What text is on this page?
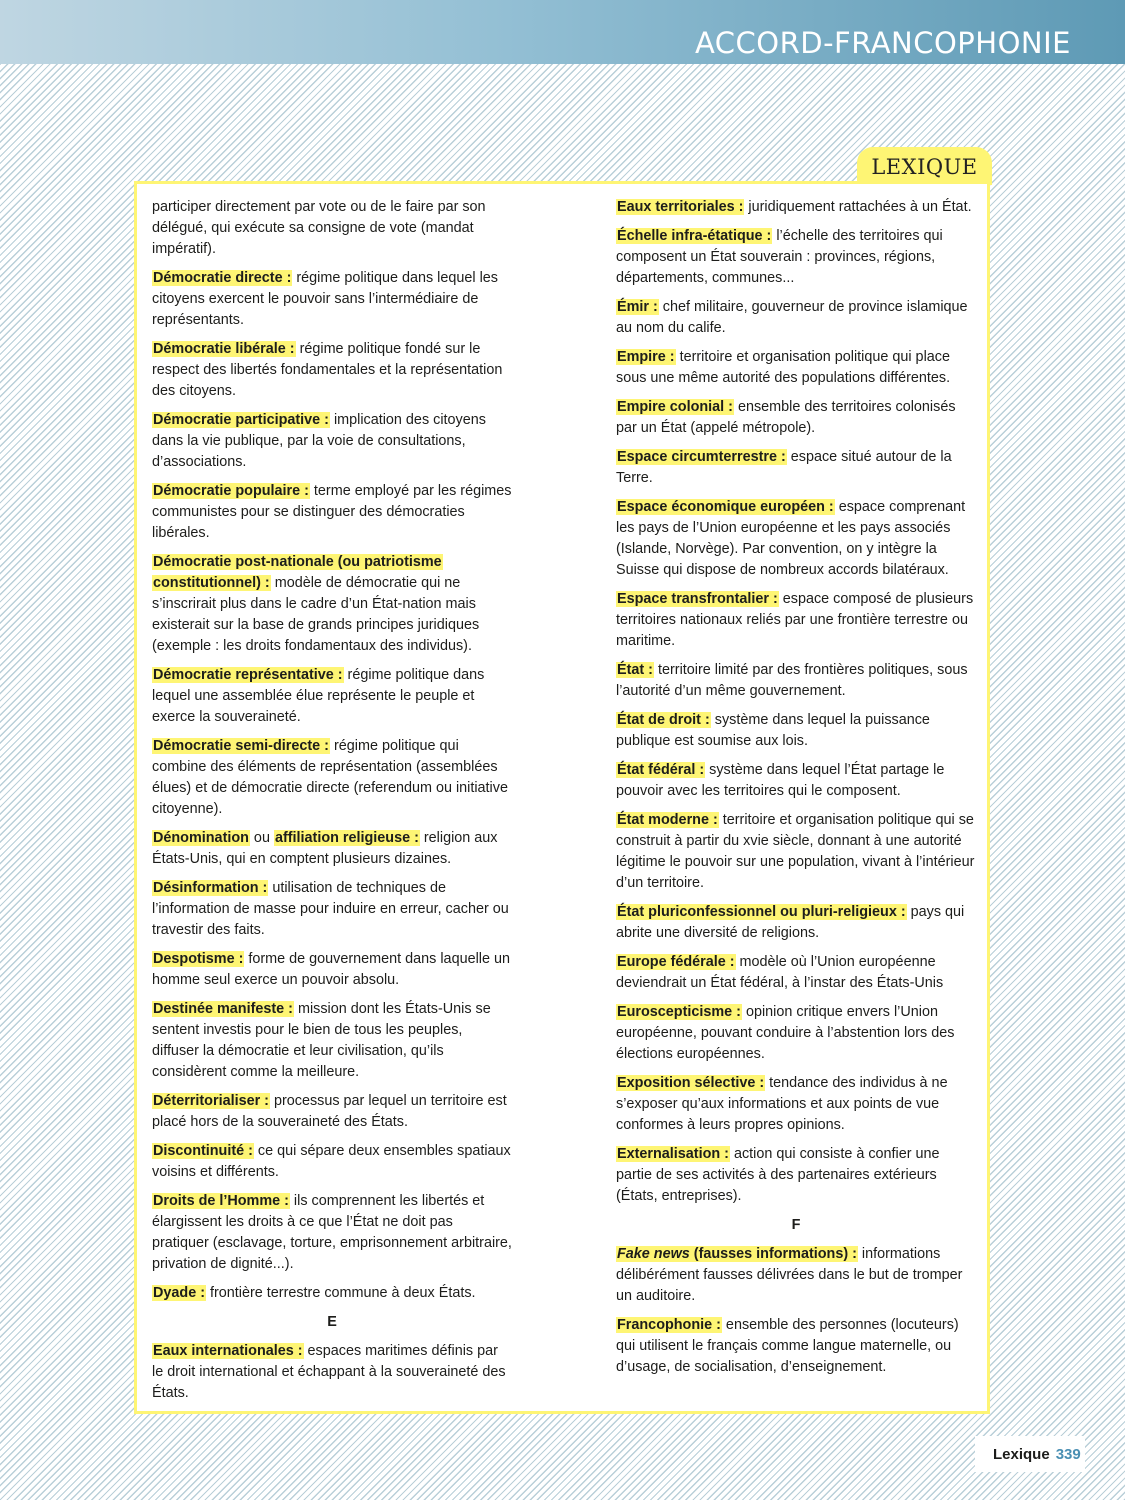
ACCORD-FRANCOPHONIE
LEXIQUE

participer directement par vote ou de le faire par son délégué, qui exécute sa consigne de vote (mandat impératif).

Démocratie directe : régime politique dans lequel les citoyens exercent le pouvoir sans l’intermédiaire de représentants.

Démocratie libérale : régime politique fondé sur le respect des libertés fondamentales et la représentation des citoyens.

Démocratie participative : implication des citoyens dans la vie publique, par la voie de consultations, d’associations.

Démocratie populaire : terme employé par les régimes communistes pour se distinguer des démocraties libérales.

Démocratie post-nationale (ou patriotisme constitutionnel) : modèle de démocratie qui ne s’inscrirait plus dans le cadre d’un État-nation mais existerait sur la base de grands principes juridiques (exemple : les droits fondamentaux des individus).

Démocratie représentative : régime politique dans lequel une assemblée élue représente le peuple et exerce la souveraineté.

Démocratie semi-directe : régime politique qui combine des éléments de représentation (assemblées élues) et de démocratie directe (referendum ou initiative citoyenne).

Dénomination ou affiliation religieuse : religion aux États-Unis, qui en comptent plusieurs dizaines.

Désinformation : utilisation de techniques de l’information de masse pour induire en erreur, cacher ou travestir des faits.

Despotisme : forme de gouvernement dans laquelle un homme seul exerce un pouvoir absolu.

Destinée manifeste : mission dont les États-Unis se sentent investis pour le bien de tous les peuples, diffuser la démocratie et leur civilisation, qu’ils considèrent comme la meilleure.

Déterritorialiser : processus par lequel un territoire est placé hors de la souveraineté des États.

Discontinuité : ce qui sépare deux ensembles spatiaux voisins et différents.

Droits de l’Homme : ils comprennent les libertés et élargissent les droits à ce que l’État ne doit pas pratiquer (esclavage, torture, emprisonnement arbitraire, privation de dignité...).

Dyade : frontière terrestre commune à deux États.

E

Eaux internationales : espaces maritimes définis par le droit international et échappant à la souveraineté des États.

Eaux territoriales : juridiquement rattachées à un État.

Échelle infra-étatique : l’échelle des territoires qui composent un État souverain : provinces, régions, départements, communes...

Émir : chef militaire, gouverneur de province islamique au nom du calife.

Empire : territoire et organisation politique qui place sous une même autorité des populations différentes.

Empire colonial : ensemble des territoires colonisés par un État (appelé métropole).

Espace circumterrestre : espace situé autour de la Terre.

Espace économique européen : espace comprenant les pays de l’Union européenne et les pays associés (Islande, Norvège). Par convention, on y intègre la Suisse qui dispose de nombreux accords bilatéraux.

Espace transfrontalier : espace composé de plusieurs territoires nationaux reliés par une frontière terrestre ou maritime.

État : territoire limité par des frontières politiques, sous l’autorité d’un même gouvernement.

État de droit : système dans lequel la puissance publique est soumise aux lois.

État fédéral : système dans lequel l’État partage le pouvoir avec les territoires qui le composent.

État moderne : territoire et organisation politique qui se construit à partir du xvie siècle, donnant à une autorité légitime le pouvoir sur une population, vivant à l’intérieur d’un territoire.

État pluriconfessionnel ou pluri-religieux : pays qui abrite une diversité de religions.

Europe fédérale : modèle où l’Union européenne deviendrait un État fédéral, à l’instar des États-Unis

Euroscepticisme : opinion critique envers l’Union européenne, pouvant conduire à l’abstention lors des élections européennes.

Exposition sélective : tendance des individus à ne s’exposer qu’aux informations et aux points de vue conformes à leurs propres opinions.

Externalisation : action qui consiste à confier une partie de ses activités à des partenaires extérieurs (États, entreprises).

F

Fake news (fausses informations) : informations délibérément fausses délivrées dans le but de tromper un auditoire.

Francophonie : ensemble des personnes (locuteurs) qui utilisent le français comme langue maternelle, ou d’usage, de socialisation, d’enseignement.

Lexique 339
